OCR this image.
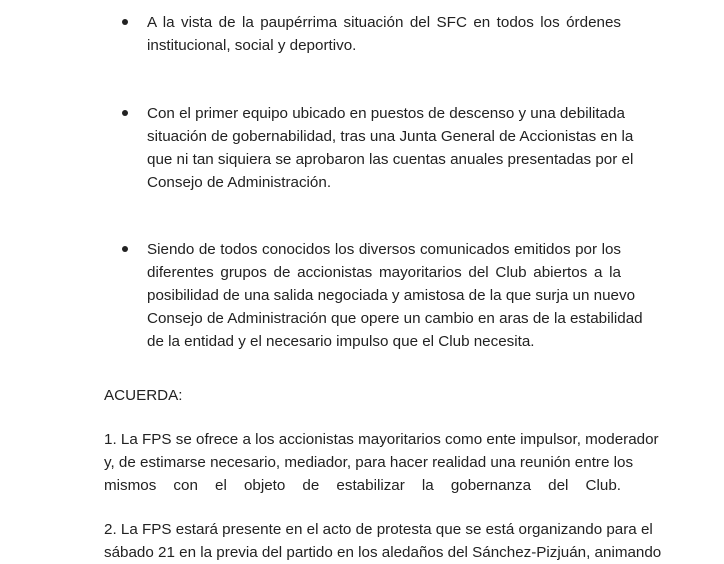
A la vista de la paupérrima situación del SFC en todos los órdenes
institucional, social y deportivo.
Con el primer equipo ubicado en puestos de descenso y una debilitada
situación de gobernabilidad, tras una Junta General de Accionistas en la
que ni tan siquiera se aprobaron las cuentas anuales presentadas por el
Consejo de Administración.
Siendo de todos conocidos los diversos comunicados emitidos por los
diferentes grupos de accionistas mayoritarios del Club abiertos a la
posibilidad de una salida negociada y amistosa de la que surja un nuevo
Consejo de Administración que opere un cambio en aras de la estabilidad
de la entidad y el necesario impulso que el Club necesita.
ACUERDA:
1. La FPS se ofrece a los accionistas mayoritarios como ente impulsor, moderador
y, de estimarse necesario, mediador, para hacer realidad una reunión entre los
mismos con el objeto de estabilizar la gobernanza del Club.
2. La FPS estará presente en el acto de protesta que se está organizando para el
sábado 21 en la previa del partido en los aledaños del Sánchez-Pizjuán, animando
